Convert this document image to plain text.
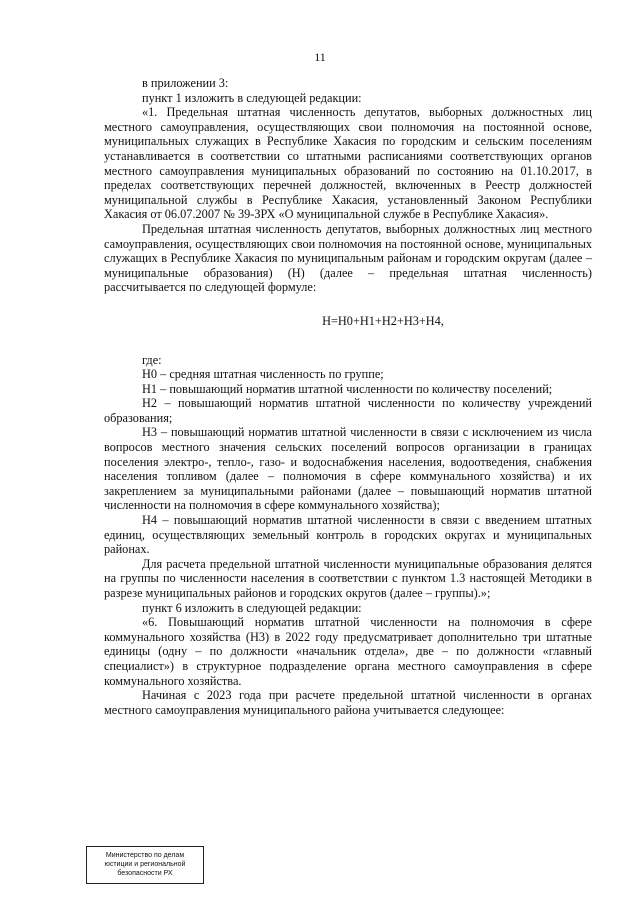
11

в приложении 3:

пункт 1 изложить в следующей редакции:

«1. Предельная штатная численность депутатов, выборных должностных лиц местного самоуправления, осуществляющих свои полномочия на постоянной основе, муниципальных служащих в Республике Хакасия по городским и сельским поселениям устанавливается в соответствии со штатными расписаниями соответствующих органов местного самоуправления муниципальных образований по состоянию на 01.10.2017, в пределах соответствующих перечней должностей, включенных в Реестр должностей муниципальной службы в Республике Хакасия, установленный Законом Республики Хакасия от 06.07.2007 № 39-ЗРХ «О муниципальной службе в Республике Хакасия».

Предельная штатная численность депутатов, выборных должностных лиц местного самоуправления, осуществляющих свои полномочия на постоянной основе, муниципальных служащих в Республике Хакасия по муниципальным районам и городским округам (далее – муниципальные образования) (Н) (далее – предельная штатная численность) рассчитывается по следующей формуле:

Н=Н0+Н1+Н2+Н3+Н4,

где:

Н0 – средняя штатная численность по группе;

Н1 – повышающий норматив штатной численности по количеству поселений;

Н2 – повышающий норматив штатной численности по количеству учреждений образования;

Н3 – повышающий норматив штатной численности в связи с исключением из числа вопросов местного значения сельских поселений вопросов организации в границах поселения электро-, тепло-, газо- и водоснабжения населения, водоотведения, снабжения населения топливом (далее – полномочия в сфере коммунального хозяйства) и их закреплением за муниципальными районами (далее – повышающий норматив штатной численности на полномочия в сфере коммунального хозяйства);

Н4 – повышающий норматив штатной численности в связи с введением штатных единиц, осуществляющих земельный контроль в городских округах и муниципальных районах.

Для расчета предельной штатной численности муниципальные образования делятся на группы по численности населения в соответствии с пунктом 1.3 настоящей Методики в разрезе муниципальных районов и городских округов (далее – группы).»;

пункт 6 изложить в следующей редакции:

«6. Повышающий норматив штатной численности на полномочия в сфере коммунального хозяйства (Н3) в 2022 году предусматривает дополнительно три штатные единицы (одну – по должности «начальник отдела», две – по должности «главный специалист») в структурное подразделение органа местного самоуправления в сфере коммунального хозяйства.

Начиная с 2023 года при расчете предельной штатной численности в органах местного самоуправления муниципального района учитывается следующее:

Министерство по делам
юстиции и региональной
безопасности РХ
